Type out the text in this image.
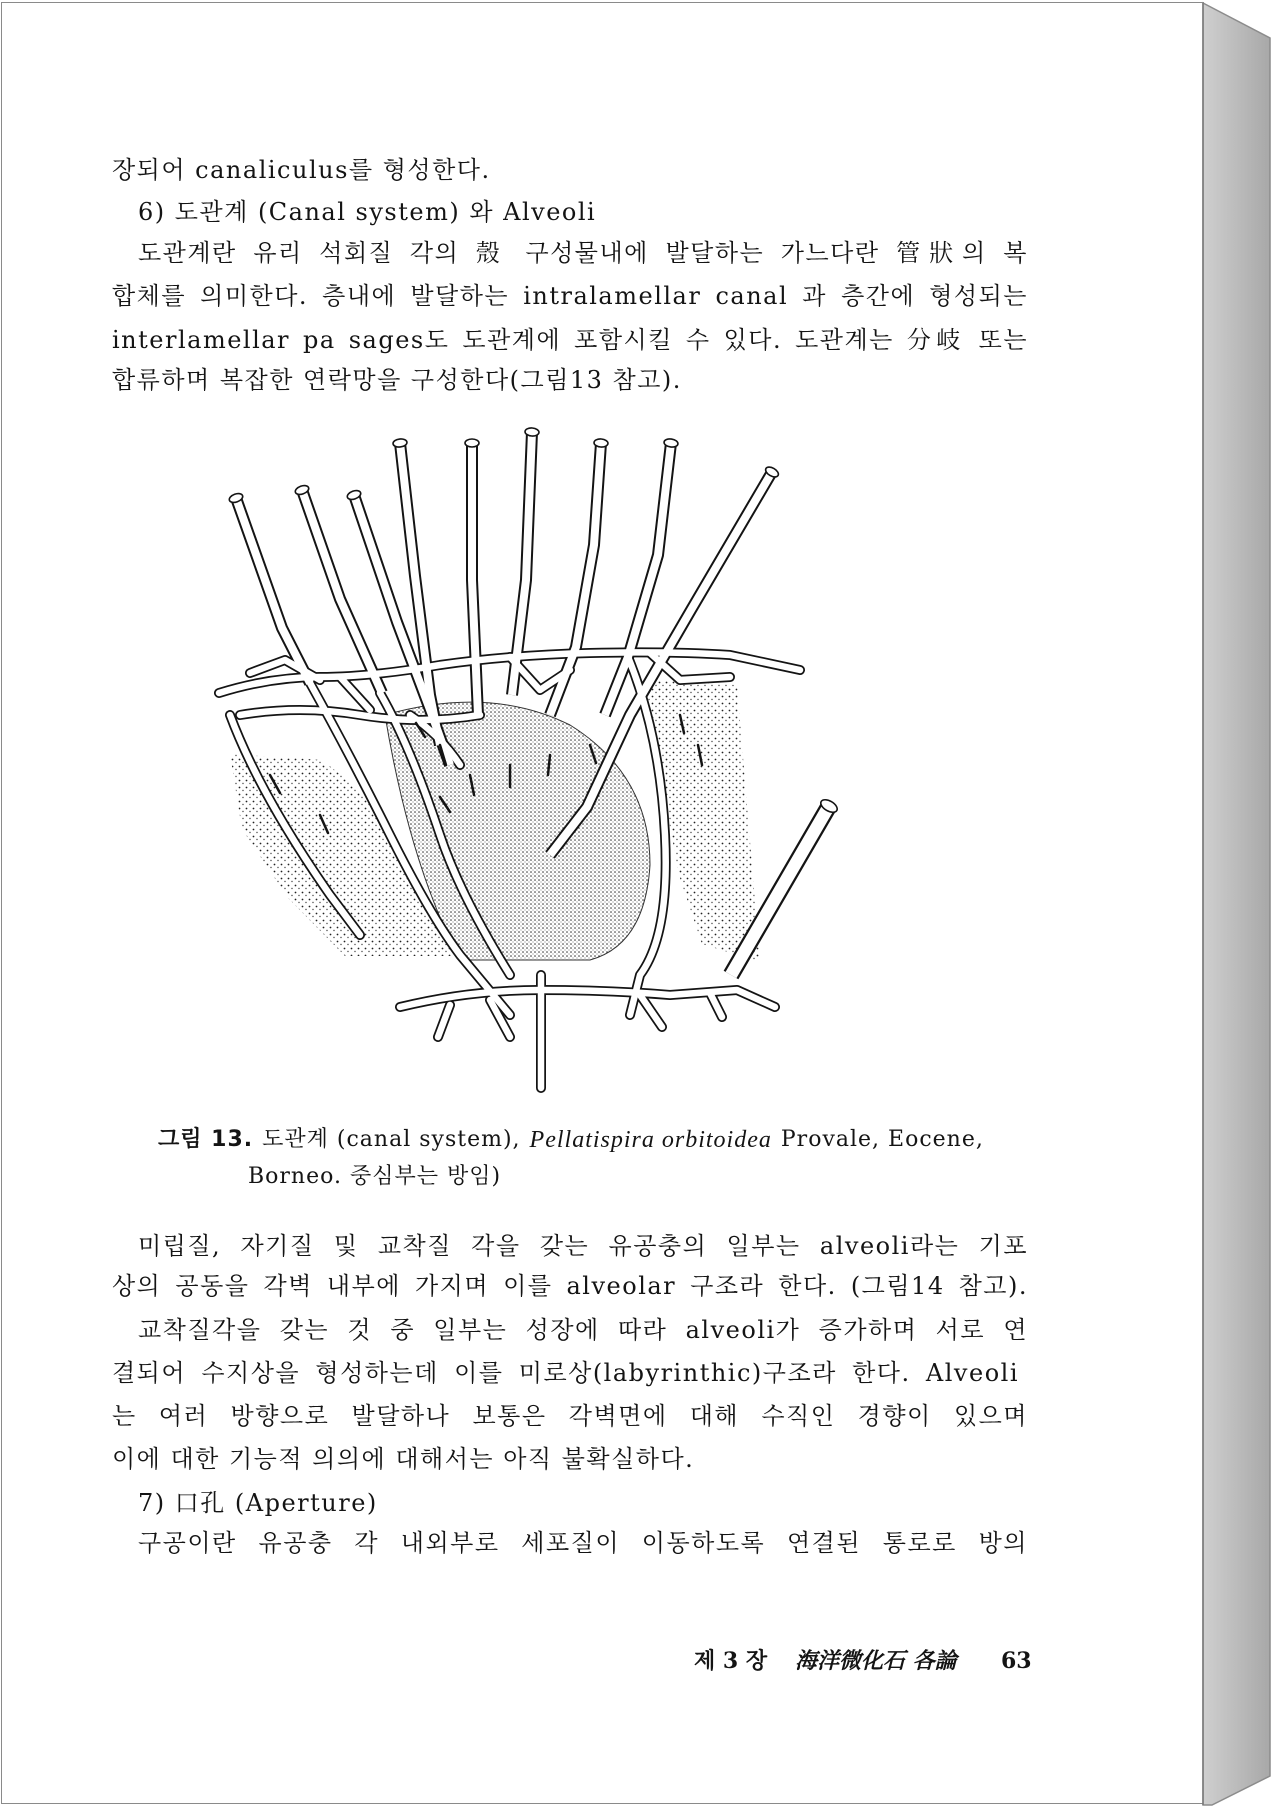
장되어 canaliculus를 형성한다.
6) 도관계 (Canal system) 와 Alveoli
도관계란 유리 석회질 각의 殼 구성물내에 발달하는 가느다란 管狀의 복
합체를 의미한다. 층내에 발달하는 intralamellar canal 과 층간에 형성되는
interlamellar pa sages도 도관계에 포함시킬 수 있다. 도관계는 分岐 또는
합류하며 복잡한 연락망을 구성한다(그림13 참고).
그림 13. 도관계 (canal system), Pellatispira orbitoidea Provale, Eocene,
Borneo. 중심부는 방임)
미립질, 자기질 및 교착질 각을 갖는 유공충의 일부는 alveoli라는 기포
상의 공동을 각벽 내부에 가지며 이를 alveolar 구조라 한다. (그림14 참고).
교착질각을 갖는 것 중 일부는 성장에 따라 alveoli가 증가하며 서로 연
결되어 수지상을 형성하는데 이를 미로상(labyrinthic)구조라 한다. Alveoli
는 여러 방향으로 발달하나 보통은 각벽면에 대해 수직인 경향이 있으며
이에 대한 기능적 의의에 대해서는 아직 불확실하다.
7) 口孔 (Aperture)
구공이란 유공충 각 내외부로 세포질이 이동하도록 연결된 통로로 방의
제 3 장 海洋微化石 各論 63
